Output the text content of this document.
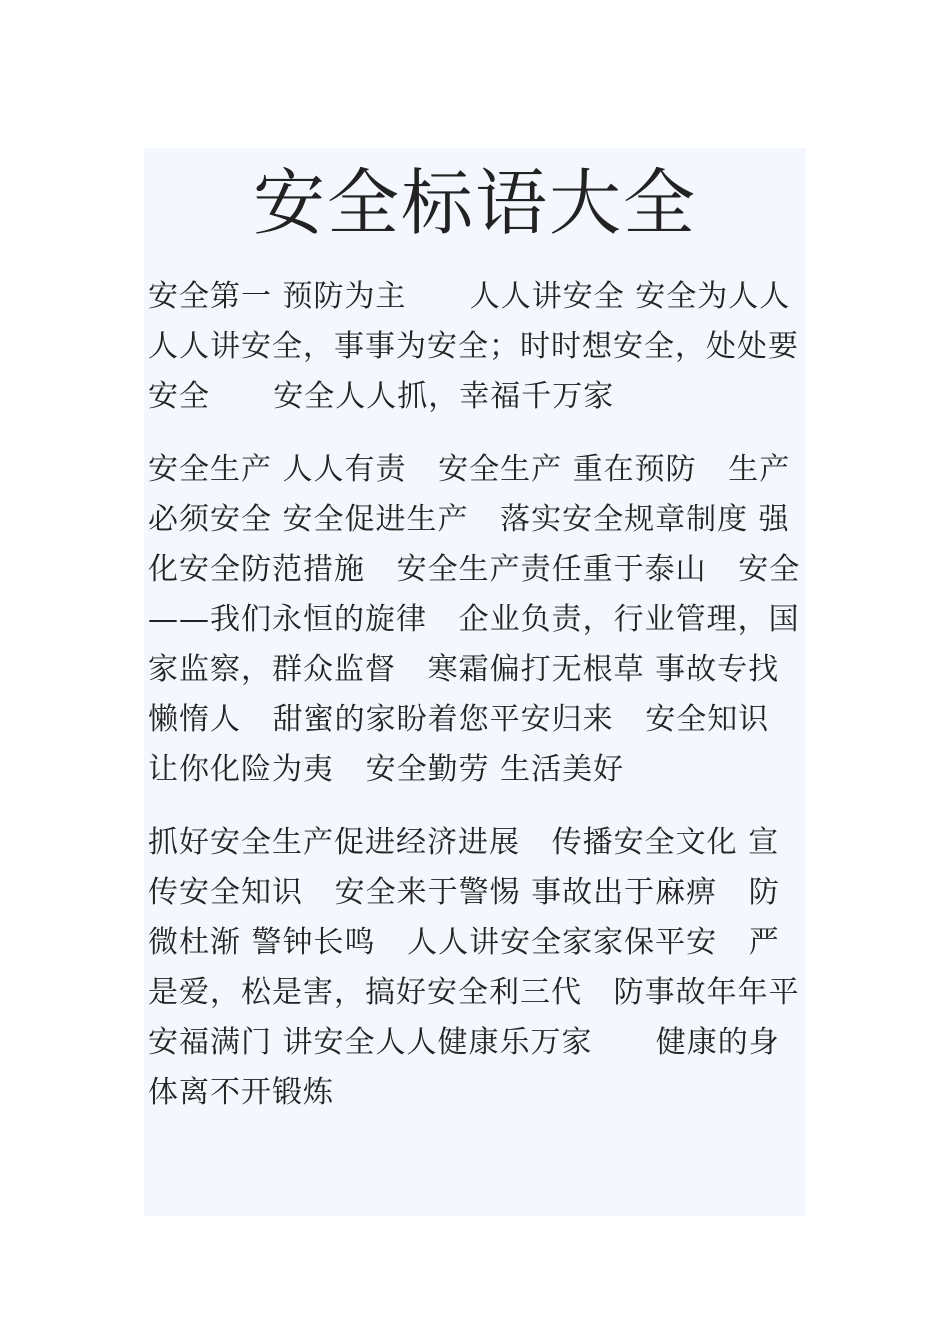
安全标语大全

安全第一 预防为主      人人讲安全 安全为人人      人人讲安全，事事为安全；时时想安全，处处要安全      安全人人抓，幸福千万家

安全生产 人人有责   安全生产 重在预防   生产必须安全 安全促进生产   落实安全规章制度 强化安全防范措施   安全生产责任重于泰山   安全——我们永恒的旋律   企业负责，行业管理，国家监察，群众监督   寒霜偏打无根草 事故专找懒惰人   甜蜜的家盼着您平安归来   安全知识 让你化险为夷   安全勤劳 生活美好

抓好安全生产促进经济进展   传播安全文化 宣传安全知识   安全来于警惕 事故出于麻痹   防微杜渐 警钟长鸣   人人讲安全家家保平安   严是爱，松是害，搞好安全利三代   防事故年年平安福满门 讲安全人人健康乐万家      健康的身体离不开锻炼
